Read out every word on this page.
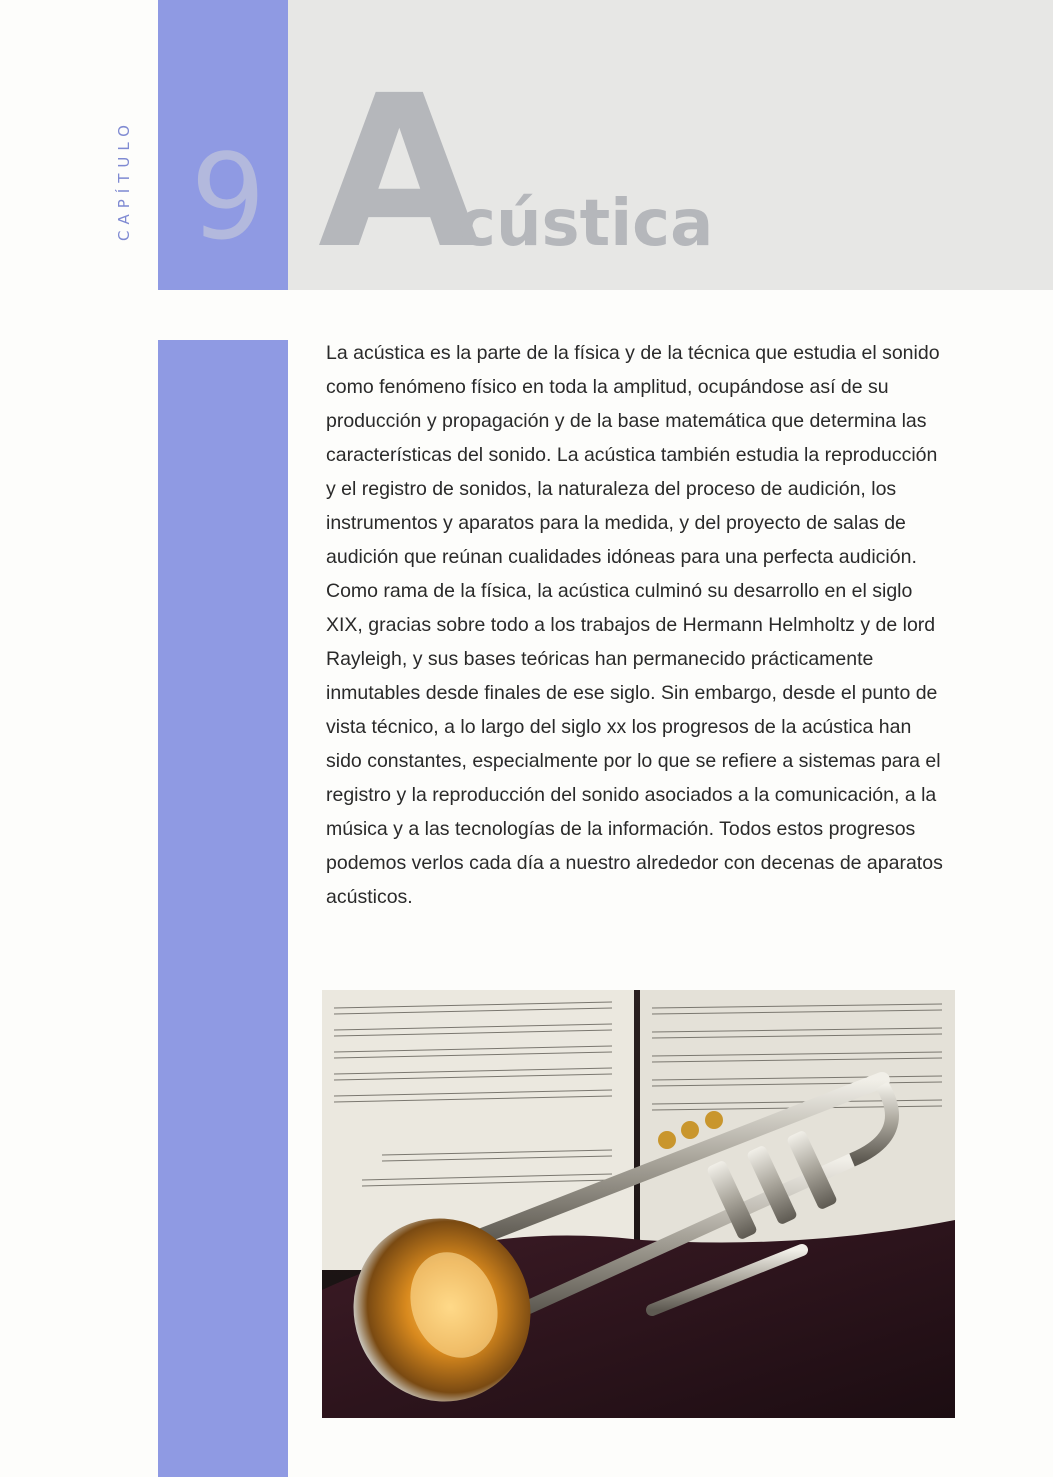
CAPÍTULO 9 A
cústica

La acústica es la parte de la física y de la técnica que estudia el sonido como fenómeno físico en toda la amplitud, ocupándose así de su producción y propagación y de la base matemática que determina las características del sonido. La acústica también estudia la reproducción y el registro de sonidos, la naturaleza del proceso de audición, los instrumentos y aparatos para la medida, y del proyecto de salas de audición que reúnan cualidades idóneas para una perfecta audición. Como rama de la física, la acústica culminó su desarrollo en el siglo XIX, gracias sobre todo a los trabajos de Hermann Helmholtz y de lord Rayleigh, y sus bases teóricas han permanecido prácticamente inmutables desde finales de ese siglo. Sin embargo, desde el punto de vista técnico, a lo largo del siglo xx los progresos de la acústica han sido constantes, especialmente por lo que se refiere a sistemas para el registro y la reproducción del sonido asociados a la comunicación, a la música y a las tecnologías de la información. Todos estos progresos podemos verlos cada día a nuestro alrededor con decenas de aparatos acústicos.
